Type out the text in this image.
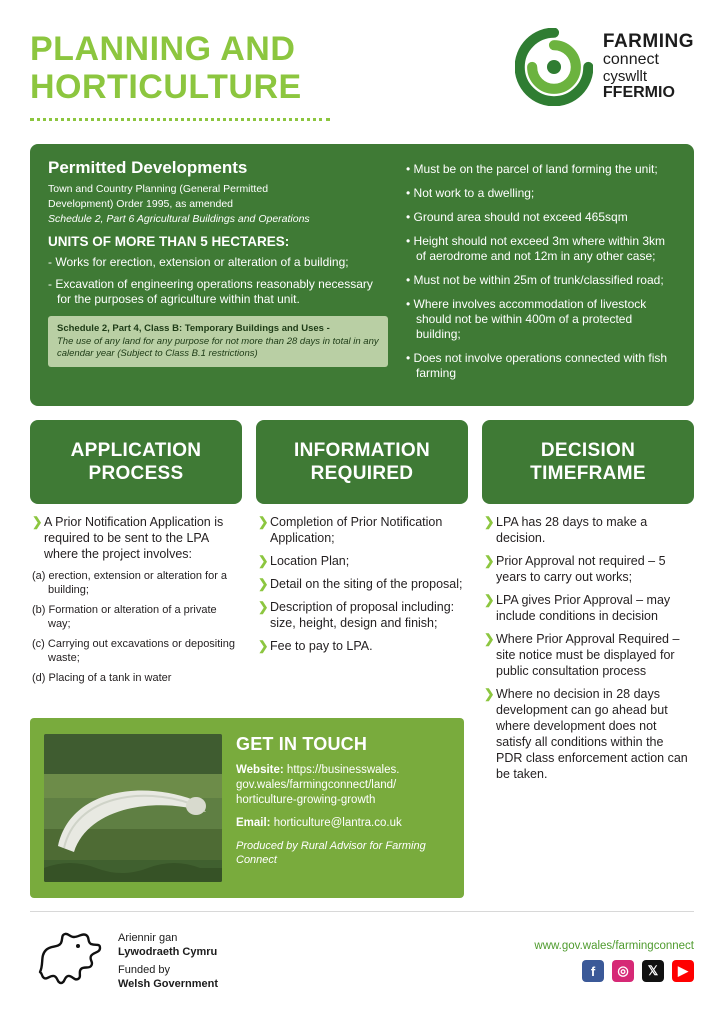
PLANNING AND HORTICULTURE
FARMING
connect
cyswllt
FFERMIO
Permitted Developments

Town and Country Planning (General Permitted

Development) Order 1995, as amended

Schedule 2, Part 6 Agricultural Buildings and Operations

UNITS OF MORE THAN 5 HECTARES:

- Works for erection, extension or alteration of a building;

- Excavation of engineering operations reasonably necessary for the purposes of agriculture within that unit.

Schedule 2, Part 4, Class B: Temporary Buildings and Uses -
The use of any land for any purpose for not more than 28 days in total in any calendar year (Subject to Class B.1 restrictions)
• Must be on the parcel of land forming the unit;
• Not work to a dwelling;
• Ground area should not exceed 465sqm
• Height should not exceed 3m where within 3km of aerodrome and not 12m in any other case;
• Must not be within 25m of trunk/classified road;
• Where involves accommodation of livestock should not be within 400m of a protected building;
• Does not involve operations connected with fish farming
APPLICATION PROCESS
❯ A Prior Notification Application is required to be sent to the LPA where the project involves:
(a) erection, extension or alteration for a building;
(b) Formation or alteration of a private way;
(c) Carrying out excavations or depositing waste;
(d) Placing of a tank in water
INFORMATION REQUIRED
❯ Completion of Prior Notification Application;
❯ Location Plan;
❯ Detail on the siting of the proposal;
❯ Description of proposal including: size, height, design and finish;
❯ Fee to pay to LPA.
DECISION TIMEFRAME
❯ LPA has 28 days to make a decision.
❯ Prior Approval not required – 5 years to carry out works;
❯ LPA gives Prior Approval – may include conditions in decision
❯ Where Prior Approval Required – site notice must be displayed for public consultation process
❯ Where no decision in 28 days development can go ahead but where development does not satisfy all conditions within the PDR class enforcement action can be taken.
GET IN TOUCH
Website: https://businesswales. gov.wales/farmingconnect/land/ horticulture-growing-growth
Email: horticulture@lantra.co.uk
Produced by Rural Advisor for Farming Connect
Ariennir gan
Lywodraeth Cymru
Funded by
Welsh Government
www.gov.wales/farmingconnect
f	◎	𝕏	▶
